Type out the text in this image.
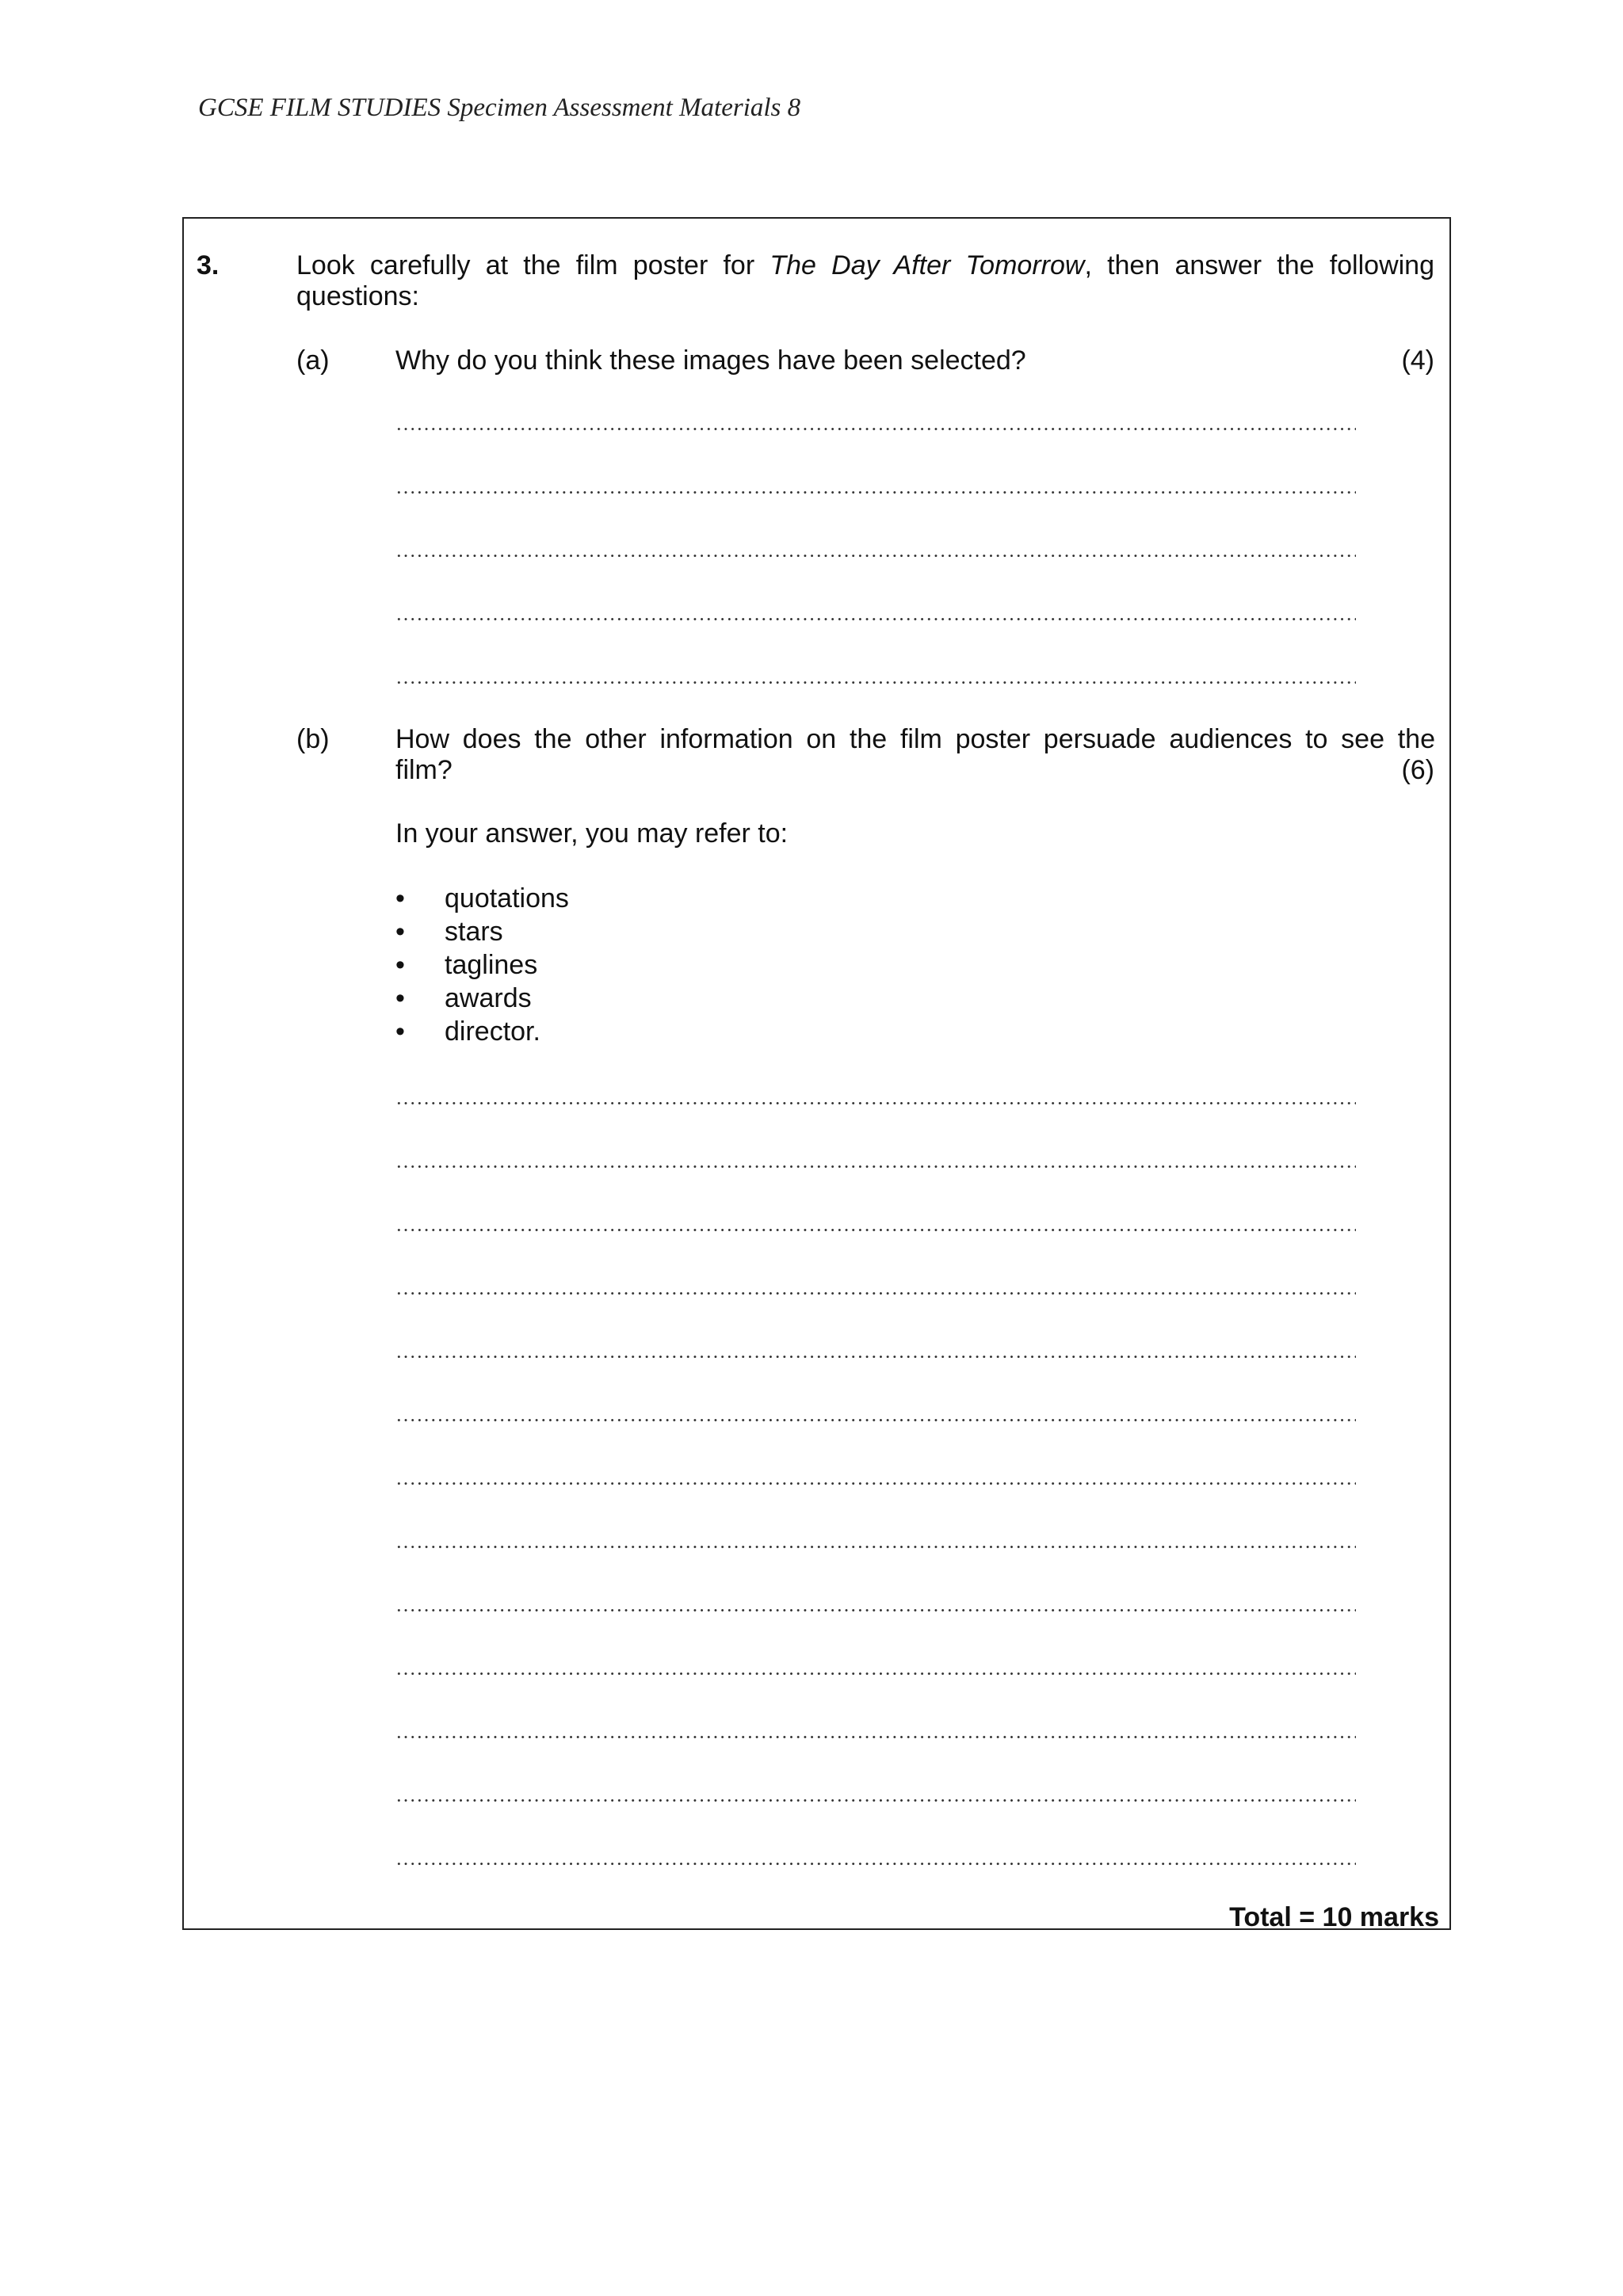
GCSE FILM STUDIES Specimen Assessment Materials 8
3.	Look carefully at the film poster for The Day After Tomorrow, then answer the following
questions:
(a) Why do you think these images have been selected?	(4)
(b) How does the other information on the film poster persuade audiences to see the
film?	(6)
In your answer, you may refer to:
• quotations
• stars
• taglines
• awards
• director.
Total = 10 marks
